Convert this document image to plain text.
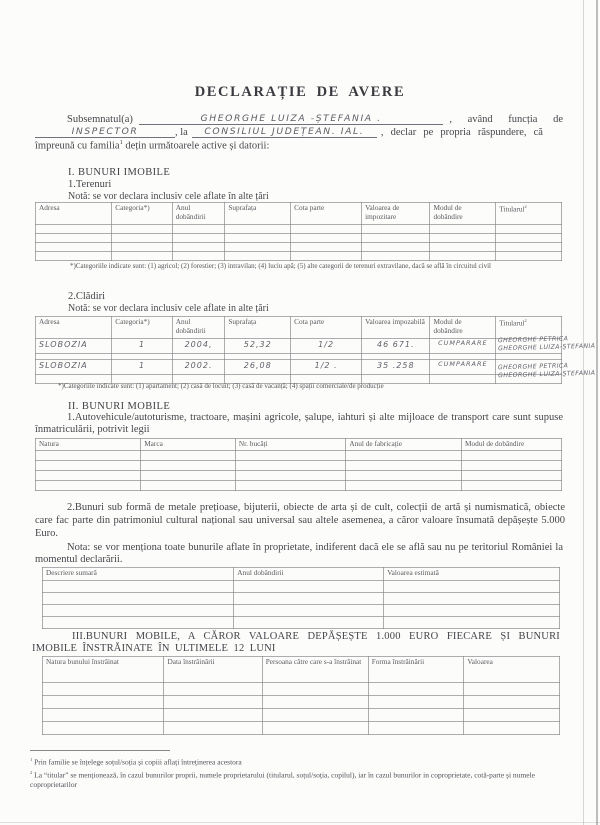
DECLARAȚIE DE AVERE
Subsemnatul(a)	GHEORGHE LUIZA -ȘTEFANIA .	, având funcția de
INSPECTOR	, la	CONSILIUL JUDEȚEAN. IAL.	, declar pe propria răspundere, că
împreună cu familia$^1$ dețin următoarele active și datorii:
I. BUNURI IMOBILE
1.Terenuri
Notă: se vor declara inclusiv cele aflate în alte țări
Adresa	Categoria*)	Anul dobândirii	Suprafața	Cota parte	Valoarea de impozitare	Modul de dobândire	Titularul$^2$

*)Categoriile indicate sunt: (1) agricol; (2) forestier; (3) intravilan; (4) luciu apă; (5) alte categorii de terenuri extravilane, dacă se află în circuitul civil
2.Clădiri
Notă: se vor declara inclusiv cele aflate in alte țări
Adresa	Categoria*)	Anul dobândirii	Suprafața	Cota parte	Valoarea impozabilă	Modul de dobândire	Titularul$^2$
SLOBOZIA	1	2004,	52,32	1/2	46 671.	CUMPARARE	GHEORGHE PETRICA
GHEORGHE LUIZA-ȘTEFANIA

SLOBOZIA	1	2002.	26,08	1/2 .	35 .258	CUMPARARE	GHEORGHE PETRICA
GHEORGHE LUIZA-ȘTEFANIA

*)Categoriile indicate sunt: (1) apartament; (2) casă de locuit; (3) casă de vacanță; (4) spații comerciale/de producție
II. BUNURI MOBILE
1.Autovehicule/autoturisme, tractoare, mașini agricole, șalupe, iahturi și alte mijloace de transport care sunt supuse înmatriculării, potrivit legii
Natura	Marca	Nr. bucăți	Anul de fabricație	Modul de dobândire

2.Bunuri sub formă de metale prețioase, bijuterii, obiecte de arta și de cult, colecții de artă și numismatică, obiecte care fac parte din patrimoniul cultural național sau universal sau altele asemenea, a căror valoare însumată depășește 5.000 Euro.
Nota: se vor menționa toate bunurile aflate în proprietate, indiferent dacă ele se află sau nu pe teritoriul României la momentul declarării.
Descriere sumară	Anul dobândirii	Valoarea estimată

III.BUNURI MOBILE, A CĂROR VALOARE DEPĂȘEȘTE 1.000 EURO FIECARE ȘI BUNURI IMOBILE ÎNSTRĂINATE ÎN ULTIMELE 12 LUNI
Natura bunului înstrăinat	Data înstrăinării	Persoana către care s-a înstrăinat	Forma înstrăinării	Valoarea

$^1$ Prin familie se înțelege soțul/soția și copiii aflați întreținerea acestora
$^2$ La “titular” se menționează, în cazul bunurilor proprii, numele proprietarului (titularul, soțul/soția, copilul), iar în cazul bunurilor in coproprietate, cotă-parte și numele coproprietarilor
